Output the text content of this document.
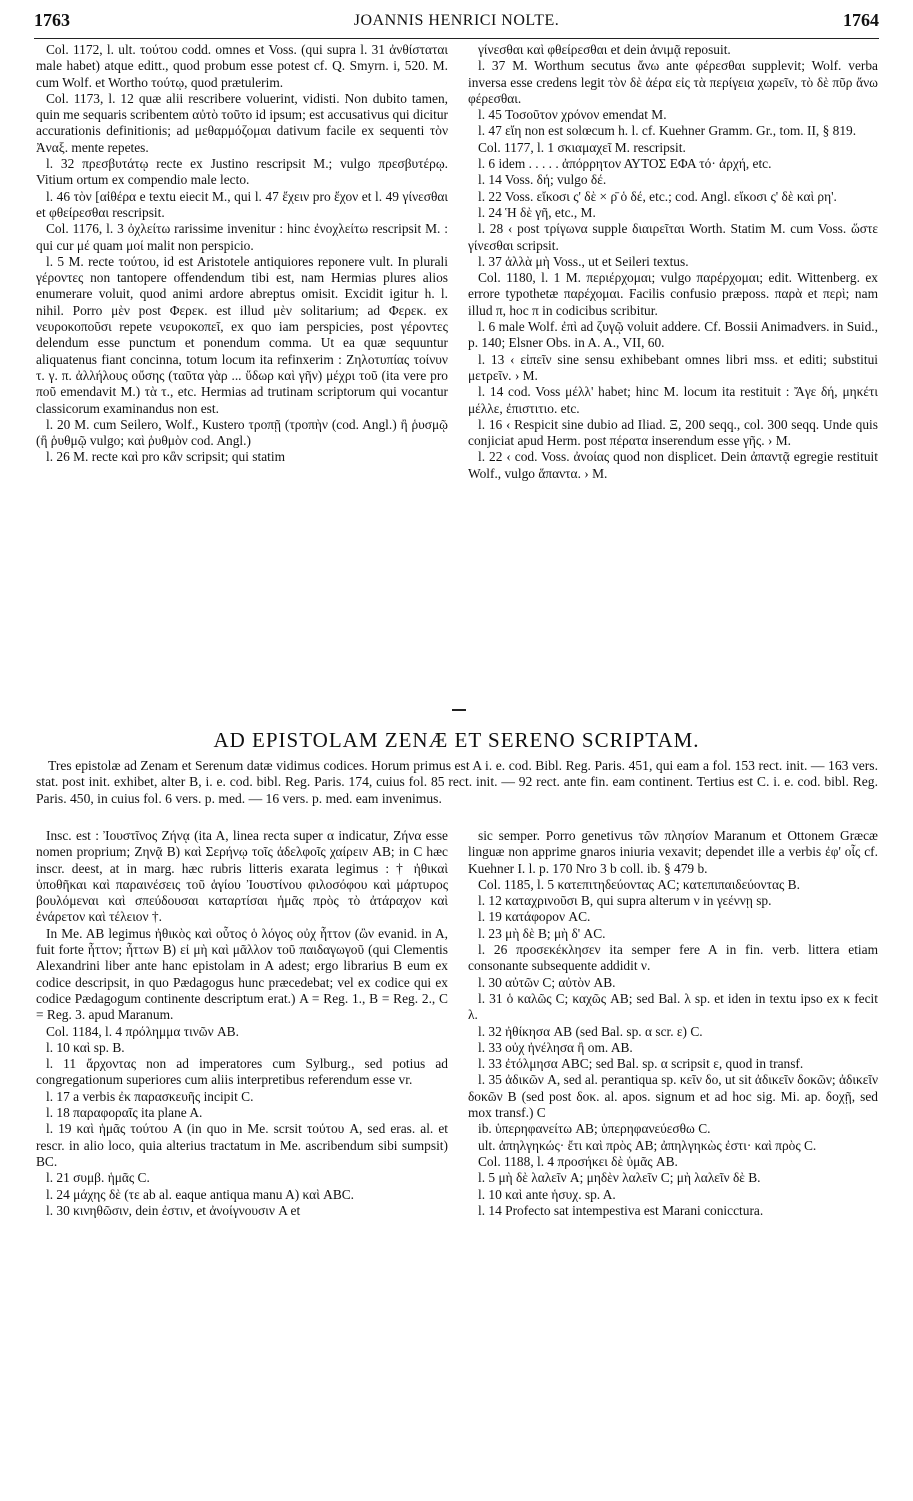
1763	JOANNIS HENRICI NOLTE.	1764

Col. 1172, l. ult. τούτου codd. omnes et Voss. (qui supra l. 31 ἀνθίσταται male habet) atque editt., quod probum esse potest cf. Q. Smyrn. i, 520. M. cum Wolf. et Wortho τούτῳ, quod prætulerim.

Col. 1173, l. 12 quæ alii rescribere voluerint, vidisti. Non dubito tamen, quin me sequaris scribentem αὐτὸ τοῦτο id ipsum; est accusativus qui dicitur accurationis definitionis; ad μεθαρμόζομαι dativum facile ex sequenti τὸν Ἀναξ. mente repetes.

l. 32 πρεσβυτάτῳ recte ex Justino rescripsit M.; vulgo πρεσβυτέρῳ. Vitium ortum ex compendio male lecto.

l. 46 τὸν [αἰθέρα e textu eiecit M., qui l. 47 ἔχειν pro ἔχον et l. 49 γίνεσθαι et φθείρεσθαι rescripsit.

Col. 1176, l. 3 ὀχλείτω rarissime invenitur : hinc ἐνοχλείτω rescripsit M. : qui cur μέ quam μοί malit non perspicio.

l. 5 M. recte τούτου, id est Aristotele antiquiores reponere vult. In plurali γέροντες non tantopere offendendum tibi est, nam Hermias plures alios enumerare voluit, quod animi ardore abreptus omisit. Excidit igitur h. l. nihil. Porro μὲν post Φερεκ. est illud μὲν solitarium; ad Φερεκ. ex νευροκοποῦσι repete νευροκοπεῖ, ex quo iam perspicies, post γέροντες delendum esse punctum et ponendum comma. Ut ea quæ sequuntur aliquatenus fiant concinna, totum locum ita refinxerim : Ζηλοτυπίας τοίνυν τ. γ. π. ἀλλήλους οὔσης (ταῦτα γὰρ ... ὕδωρ καὶ γῆν) μέχρι τοῦ (ita vere pro ποῦ emendavit M.) τὰ τ., etc. Hermias ad trutinam scriptorum qui vocantur classicorum examinandus non est.

l. 20 M. cum Seilero, Wolf., Kustero τροπῇ (τροπὴν (cod. Angl.) ἢ ῥυσμῷ (ἢ ῥυθμῷ vulgo; καὶ ῥυθμὸν cod. Angl.)

l. 26 M. recte καὶ pro κἂν scripsit; qui statim

γίνεσθαι καὶ φθείρεσθαι et dein ἀνιμᾷ reposuit.

l. 37 M. Worthum secutus ἄνω ante φέρεσθαι supplevit; Wolf. verba inversa esse credens legit τὸν δὲ ἀέρα εἰς τὰ περίγεια χωρεῖν, τὸ δὲ πῦρ ἄνω φέρεσθαι.

l. 45 Τοσοῦτον χρόνον emendat M.

l. 47 εἴη non est solœcum h. l. cf. Kuehner Gramm. Gr., tom. II, § 819.

Col. 1177, l. 1 σκιαμαχεῖ M. rescripsit.

l. 6 idem . . . . . ἀπόρρητον ΑΥΤΟΣ ΕΦΑ τό· ἀρχή, etc.

l. 14 Voss. δή; vulgo δέ.

l. 22 Voss. εἴκοσι ς' δὲ × ρ̄ ὁ δέ, etc.; cod. Angl. εἴκοσι ς' δὲ καὶ ρη'.

l. 24 Ἡ δὲ γῆ, etc., M.

l. 28 ‹ post τρίγωνα supple διαιρεῖται Worth. Statim M. cum Voss. ὥστε γίνεσθαι scripsit.

l. 37 ἀλλὰ μὴ Voss., ut et Seileri textus.

Col. 1180, l. 1 M. περιέρχομαι; vulgo παρέρχομαι; edit. Wittenberg. ex errore typothetæ παρέχομαι. Facilis confusio præposs. παρὰ et περὶ; nam illud π, hoc π in codicibus scribitur.

l. 6 male Wolf. ἐπὶ ad ζυγῷ voluit addere. Cf. Bossii Animadvers. in Suid., p. 140; Elsner Obs. in A. A., VII, 60.

l. 13 ‹ εἰπεῖν sine sensu exhibebant omnes libri mss. et editi; substitui μετρεῖν. › M.

l. 14 cod. Voss μέλλ' habet; hinc M. locum ita restituit : Ἄγε δή, μηκέτι μέλλε, ἐπιστιτιο. etc.

l. 16 ‹ Respicit sine dubio ad Iliad. Ξ, 200 seqq., col. 300 seqq. Unde quis conjiciat apud Herm. post πέρατα inserendum esse γῆς. › M.

l. 22 ‹ cod. Voss. ἀνοίας quod non displicet. Dein ἀπαντᾷ egregie restituit Wolf., vulgo ἅπαντα. › M.

AD EPISTOLAM ZENÆ ET SERENO SCRIPTAM.

Tres epistolæ ad Zenam et Serenum datæ vidimus codices. Horum primus est A i. e. cod. Bibl. Reg. Paris. 451, qui eam a fol. 153 rect. init. — 163 vers. stat. post init. exhibet, alter B, i. e. cod. bibl. Reg. Paris. 174, cuius fol. 85 rect. init. — 92 rect. ante fin. eam continent. Tertius est C. i. e. cod. bibl. Reg. Paris. 450, in cuius fol. 6 vers. p. med. — 16 vers. p. med. eam invenimus.

Insc. est : Ἰουστῖνος Ζήνᾳ (ita A, linea recta super α indicatur, Ζήνα esse nomen proprium; Ζηνᾷ B) καὶ Σερήνῳ τοῖς ἀδελφοῖς χαίρειν AB; in C hæc inscr. deest, at in marg. hæc rubris litteris exarata legimus : † ἠθικαὶ ὑποθῆκαι καὶ παραινέσεις τοῦ ἁγίου Ἰουστίνου φιλοσόφου καὶ μάρτυρος βουλόμεναι καὶ σπεύδουσαι καταρτίσαι ἡμᾶς πρὸς τὸ ἀτάραχον καὶ ἐνάρετον καὶ τέλειον †.

In Me. AB legimus ἠθικὸς καὶ οὗτος ὁ λόγος οὐχ ἧττον (ὢν evanid. in A, fuit forte ἧττον; ἧττων B) εἰ μὴ καὶ μᾶλλον τοῦ παιδαγωγοῦ (qui Clementis Alexandrini liber ante hanc epistolam in A adest; ergo librarius B eum ex codice descripsit, in quo Pædagogus hunc præcedebat; vel ex codice qui ex codice Pædagogum continente descriptum erat.) A = Reg. 1., B = Reg. 2., C = Reg. 3. apud Maranum.

Col. 1184, l. 4 πρόλημμα τινῶν AB.

l. 10 καὶ sp. B.

l. 11 ἄρχοντας non ad imperatores cum Sylburg., sed potius ad congregationum superiores cum aliis interpretibus referendum esse vr.

l. 17 a verbis ἐκ παρασκευῆς incipit C.

l. 18 παραφοραῖς ita plane A.

l. 19 καὶ ἡμᾶς τούτου A (in quo in Me. scrsit τούτου A, sed eras. al. et rescr. in alio loco, quia alterius tractatum in Me. ascribendum sibi sumpsit) BC.

l. 21 συμβ. ἡμᾶς C.

l. 24 μάχης δὲ (τε ab al. eaque antiqua manu A) καὶ ABC.

l. 30 κινηθῶσιν, dein ἐστιν, et ἀνοίγνουσιν A et

sic semper. Porro genetivus τῶν πλησίον Maranum et Ottonem Græcæ linguæ non apprime gnaros iniuria vexavit; dependet ille a verbis ἐφ' οἷς cf. Kuehner I. l. p. 170 Nro 3 b coll. ib. § 479 b.

Col. 1185, l. 5 κατεπιτηδεύοντας AC; κατεπιπαιδεύοντας B.

l. 12 καταχρινοῦσι B, qui supra alterum ν in γεέννῃ sp.

l. 19 κατάφορον AC.

l. 23 μὴ δὲ B; μὴ δ' AC.

l. 26 προσεκέκλησεν ita semper fere A in fin. verb. littera etiam consonante subsequente addidit ν.

l. 30 αὐτῶν C; αὐτὸν AB.

l. 31 ὁ καλῶς C; καχῶς AB; sed Bal. λ sp. et iden in textu ipso ex κ fecit λ.

l. 32 ἠθίκησα AB (sed Bal. sp. α scr. ε) C.

l. 33 οὐχ ἠνέλησα ἢ om. AB.

l. 33 ἐτόλμησα ABC; sed Bal. sp. α scripsit ε, quod in transf.

l. 35 ἀδικῶν A, sed al. perantiqua sp. κεῖν δο, ut sit ἀδικεῖν δοκῶν; ἀδικεῖν δοκῶν B (sed post δοκ. al. apos. signum et ad hoc sig. Mi. ap. δοχῇ, sed mox transf.) C

ib. ὑπερηφανείτω AB; ὑπερηφανεύεσθω C.

ult. ἀπηλγηκώς· ἔτι καὶ πρὸς AB; ἀπηλγηκὼς ἐστι· καὶ πρὸς C.

Col. 1188, l. 4 προσήκει δὲ ὑμᾶς AB.

l. 5 μὴ δὲ λαλεῖν A; μηδὲν λαλεῖν C; μὴ λαλεῖν δὲ B.

l. 10 καὶ ante ἡσυχ. sp. A.

l. 14 Profecto sat intempestiva est Marani conicctura.
